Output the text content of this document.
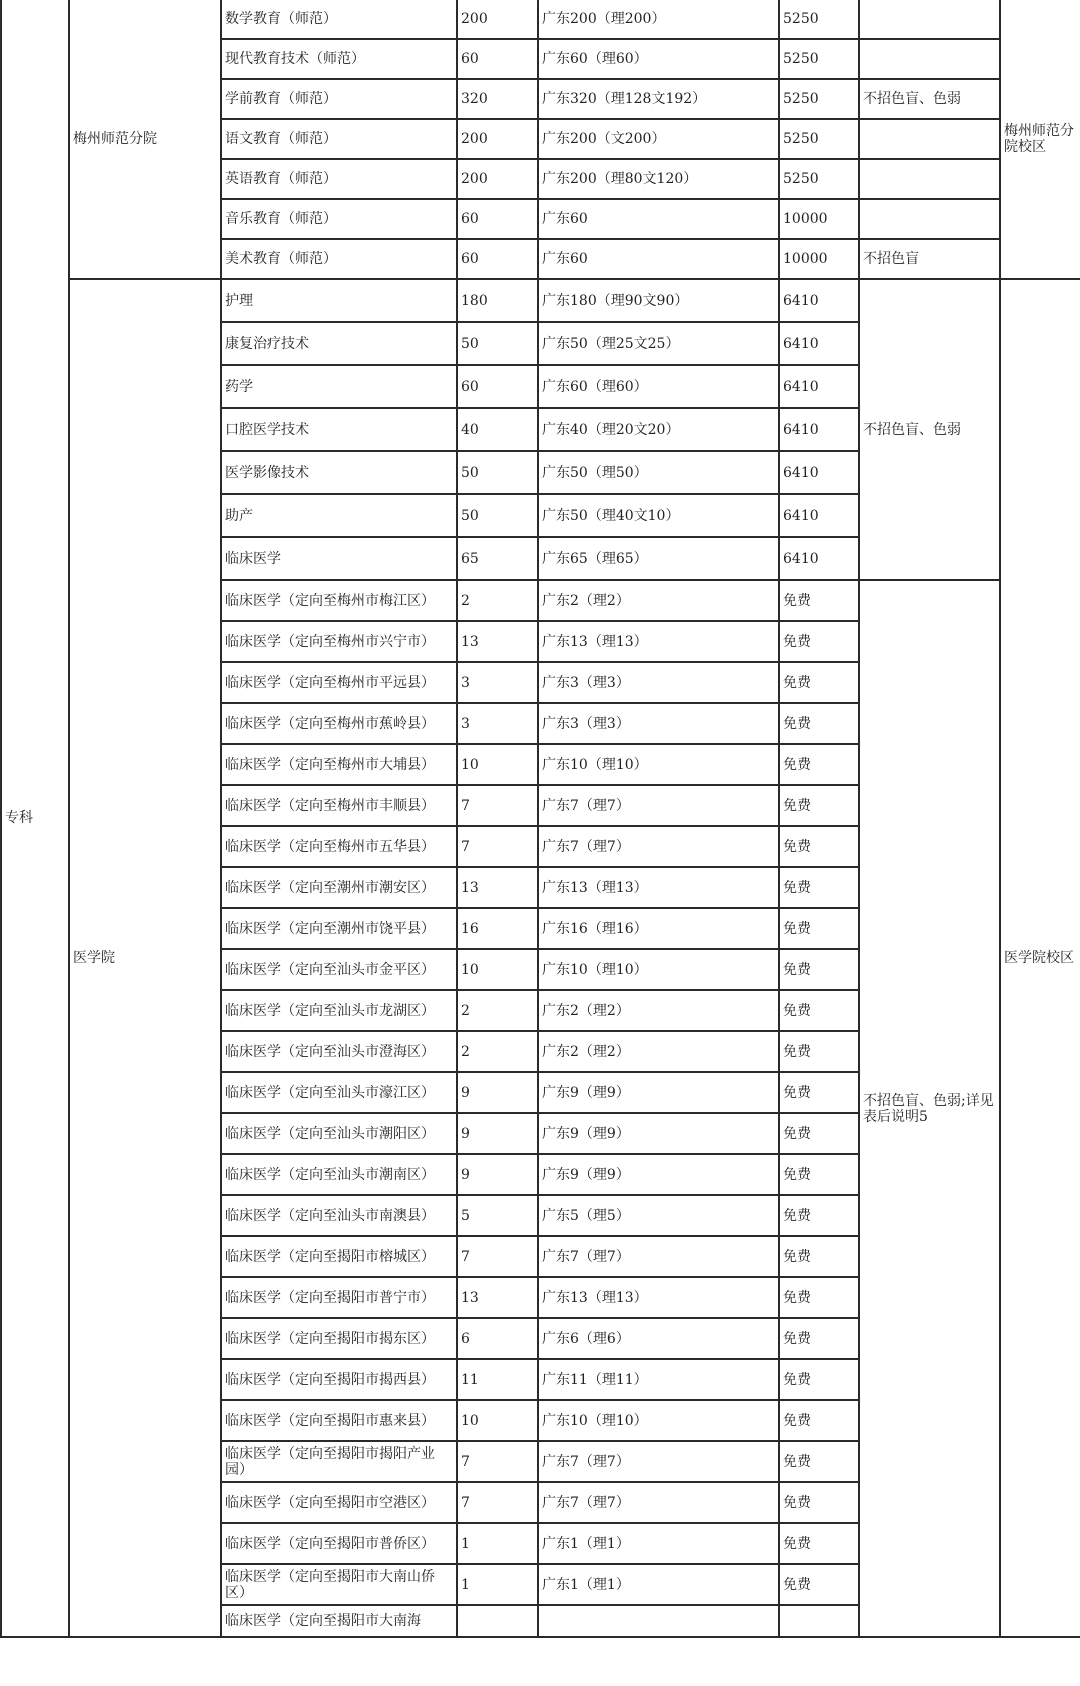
专科	梅州师范分院	数学教育（师范）	200	广东200（理200）	5250		梅州师范分院校区
		现代教育技术（师范）	60	广东60（理60）	5250		
		学前教育（师范）	320	广东320（理128文192）	5250	不招色盲、色弱	
		语文教育（师范）	200	广东200（文200）	5250		
		英语教育（师范）	200	广东200（理80文120）	5250		
		音乐教育（师范）	60	广东60	10000		
		美术教育（师范）	60	广东60	10000	不招色盲	
	医学院	护理	180	广东180（理90文90）	6410	不招色盲、色弱	医学院校区
		康复治疗技术	50	广东50（理25文25）	6410		
		药学	60	广东60（理60）	6410		
		口腔医学技术	40	广东40（理20文20）	6410		
		医学影像技术	50	广东50（理50）	6410		
		助产	50	广东50（理40文10）	6410		
		临床医学	65	广东65（理65）	6410		
		临床医学（定向至梅州市梅江区）	2	广东2（理2）	免费	不招色盲、色弱;详见表后说明5	
		临床医学（定向至梅州市兴宁市）	13	广东13（理13）	免费		
		临床医学（定向至梅州市平远县）	3	广东3（理3）	免费		
		临床医学（定向至梅州市蕉岭县）	3	广东3（理3）	免费		
		临床医学（定向至梅州市大埔县）	10	广东10（理10）	免费		
		临床医学（定向至梅州市丰顺县）	7	广东7（理7）	免费		
		临床医学（定向至梅州市五华县）	7	广东7（理7）	免费		
		临床医学（定向至潮州市潮安区）	13	广东13（理13）	免费		
		临床医学（定向至潮州市饶平县）	16	广东16（理16）	免费		
		临床医学（定向至汕头市金平区）	10	广东10（理10）	免费		
		临床医学（定向至汕头市龙湖区）	2	广东2（理2）	免费		
		临床医学（定向至汕头市澄海区）	2	广东2（理2）	免费		
		临床医学（定向至汕头市濠江区）	9	广东9（理9）	免费		
		临床医学（定向至汕头市潮阳区）	9	广东9（理9）	免费		
		临床医学（定向至汕头市潮南区）	9	广东9（理9）	免费		
		临床医学（定向至汕头市南澳县）	5	广东5（理5）	免费		
		临床医学（定向至揭阳市榕城区）	7	广东7（理7）	免费		
		临床医学（定向至揭阳市普宁市）	13	广东13（理13）	免费		
		临床医学（定向至揭阳市揭东区）	6	广东6（理6）	免费		
		临床医学（定向至揭阳市揭西县）	11	广东11（理11）	免费		
		临床医学（定向至揭阳市惠来县）	10	广东10（理10）	免费		
		临床医学（定向至揭阳市揭阳产业园）	7	广东7（理7）	免费		
		临床医学（定向至揭阳市空港区）	7	广东7（理7）	免费		
		临床医学（定向至揭阳市普侨区）	1	广东1（理1）	免费		
		临床医学（定向至揭阳市大南山侨区）	1	广东1（理1）	免费		
		临床医学（定向至揭阳市大南海					
